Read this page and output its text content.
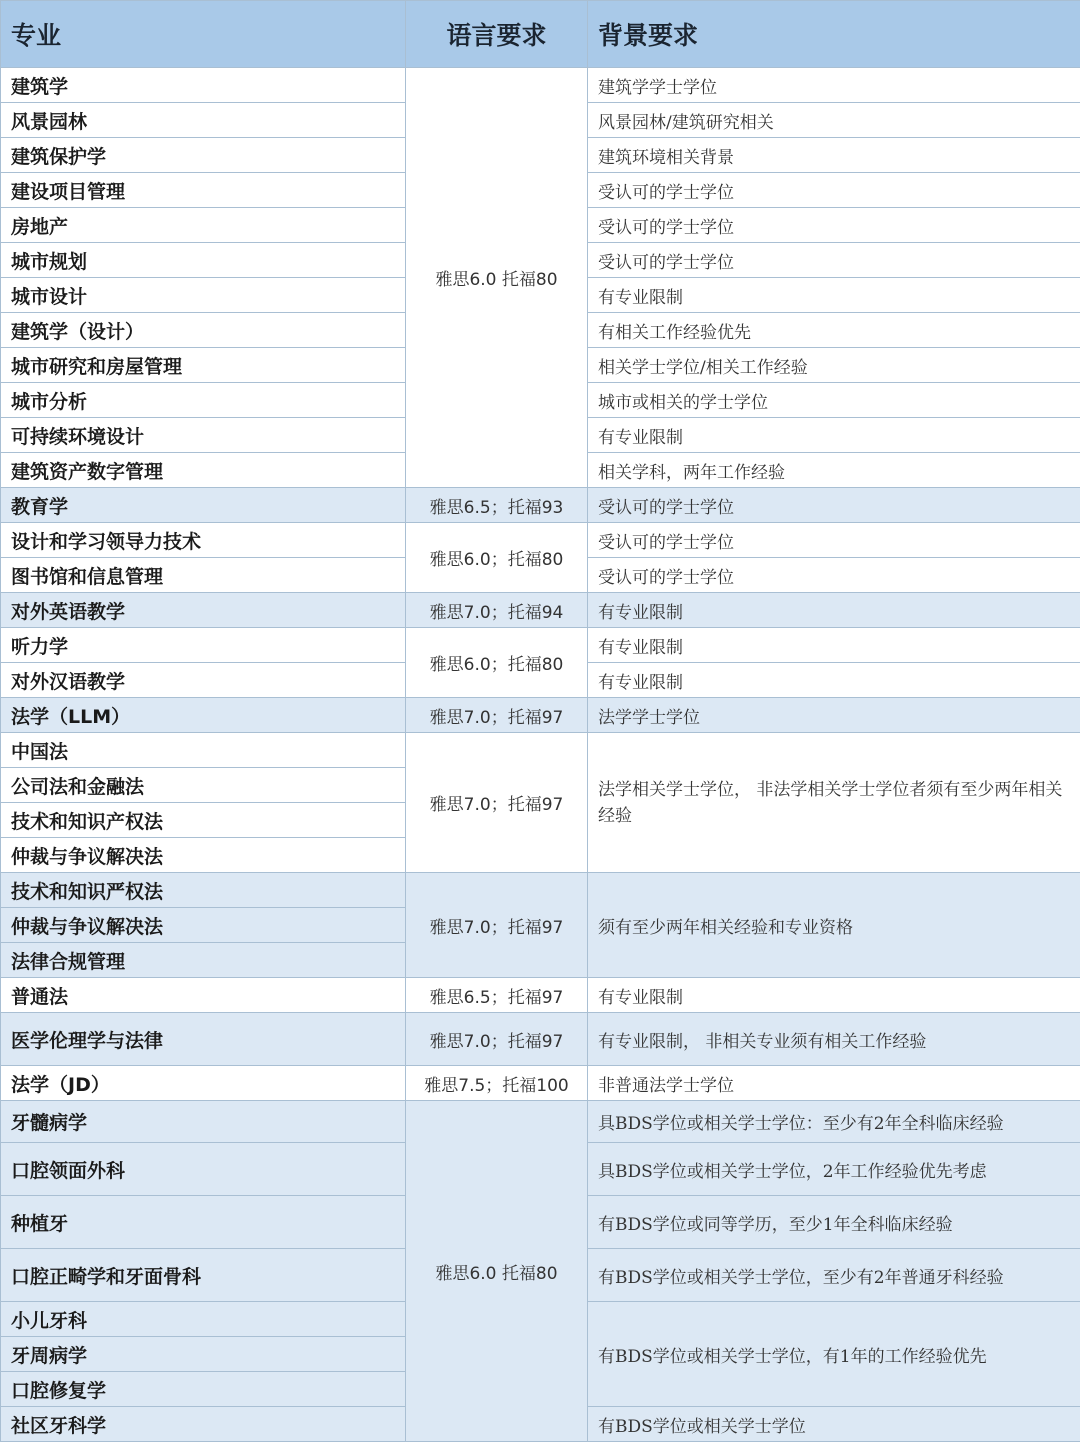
专业	语言要求	背景要求
建筑学	雅思6.0 托福80	建筑学学士学位
风景园林		风景园林/建筑研究相关
建筑保护学		建筑环境相关背景
建设项目管理		受认可的学士学位
房地产		受认可的学士学位
城市规划		受认可的学士学位
城市设计		有专业限制
建筑学（设计）		有相关工作经验优先
城市研究和房屋管理		相关学士学位/相关工作经验
城市分析		城市或相关的学士学位
可持续环境设计		有专业限制
建筑资产数字管理		相关学科，两年工作经验
教育学	雅思6.5；托福93	受认可的学士学位
设计和学习领导力技术	雅思6.0；托福80	受认可的学士学位
图书馆和信息管理		受认可的学士学位
对外英语教学	雅思7.0；托福94	有专业限制
听力学	雅思6.0；托福80	有专业限制
对外汉语教学		有专业限制
法学（LLM）	雅思7.0；托福97	法学学士学位
中国法	雅思7.0；托福97	法学相关学士学位， 非法学相关学士学位者须有至少两年相关经验
公司法和金融法		
技术和知识产权法		
仲裁与争议解决法		
技术和知识严权法	雅思7.0；托福97	须有至少两年相关经验和专业资格
仲裁与争议解决法		
法律合规管理		
普通法	雅思6.5；托福97	有专业限制
医学伦理学与法律	雅思7.0；托福97	有专业限制， 非相关专业须有相关工作经验
法学（JD）	雅思7.5；托福100	非普通法学士学位
牙髓病学	雅思6.0 托福80	具BDS学位或相关学士学位：至少有2年全科临床经验
口腔领面外科		具BDS学位或相关学士学位，2年工作经验优先考虑
种植牙		有BDS学位或同等学历，至少1年全科临床经验
口腔正畸学和牙面骨科		有BDS学位或相关学士学位，至少有2年普通牙科经验
小儿牙科		有BDS学位或相关学士学位，有1年的工作经验优先
牙周病学		
口腔修复学		
社区牙科学		有BDS学位或相关学士学位
